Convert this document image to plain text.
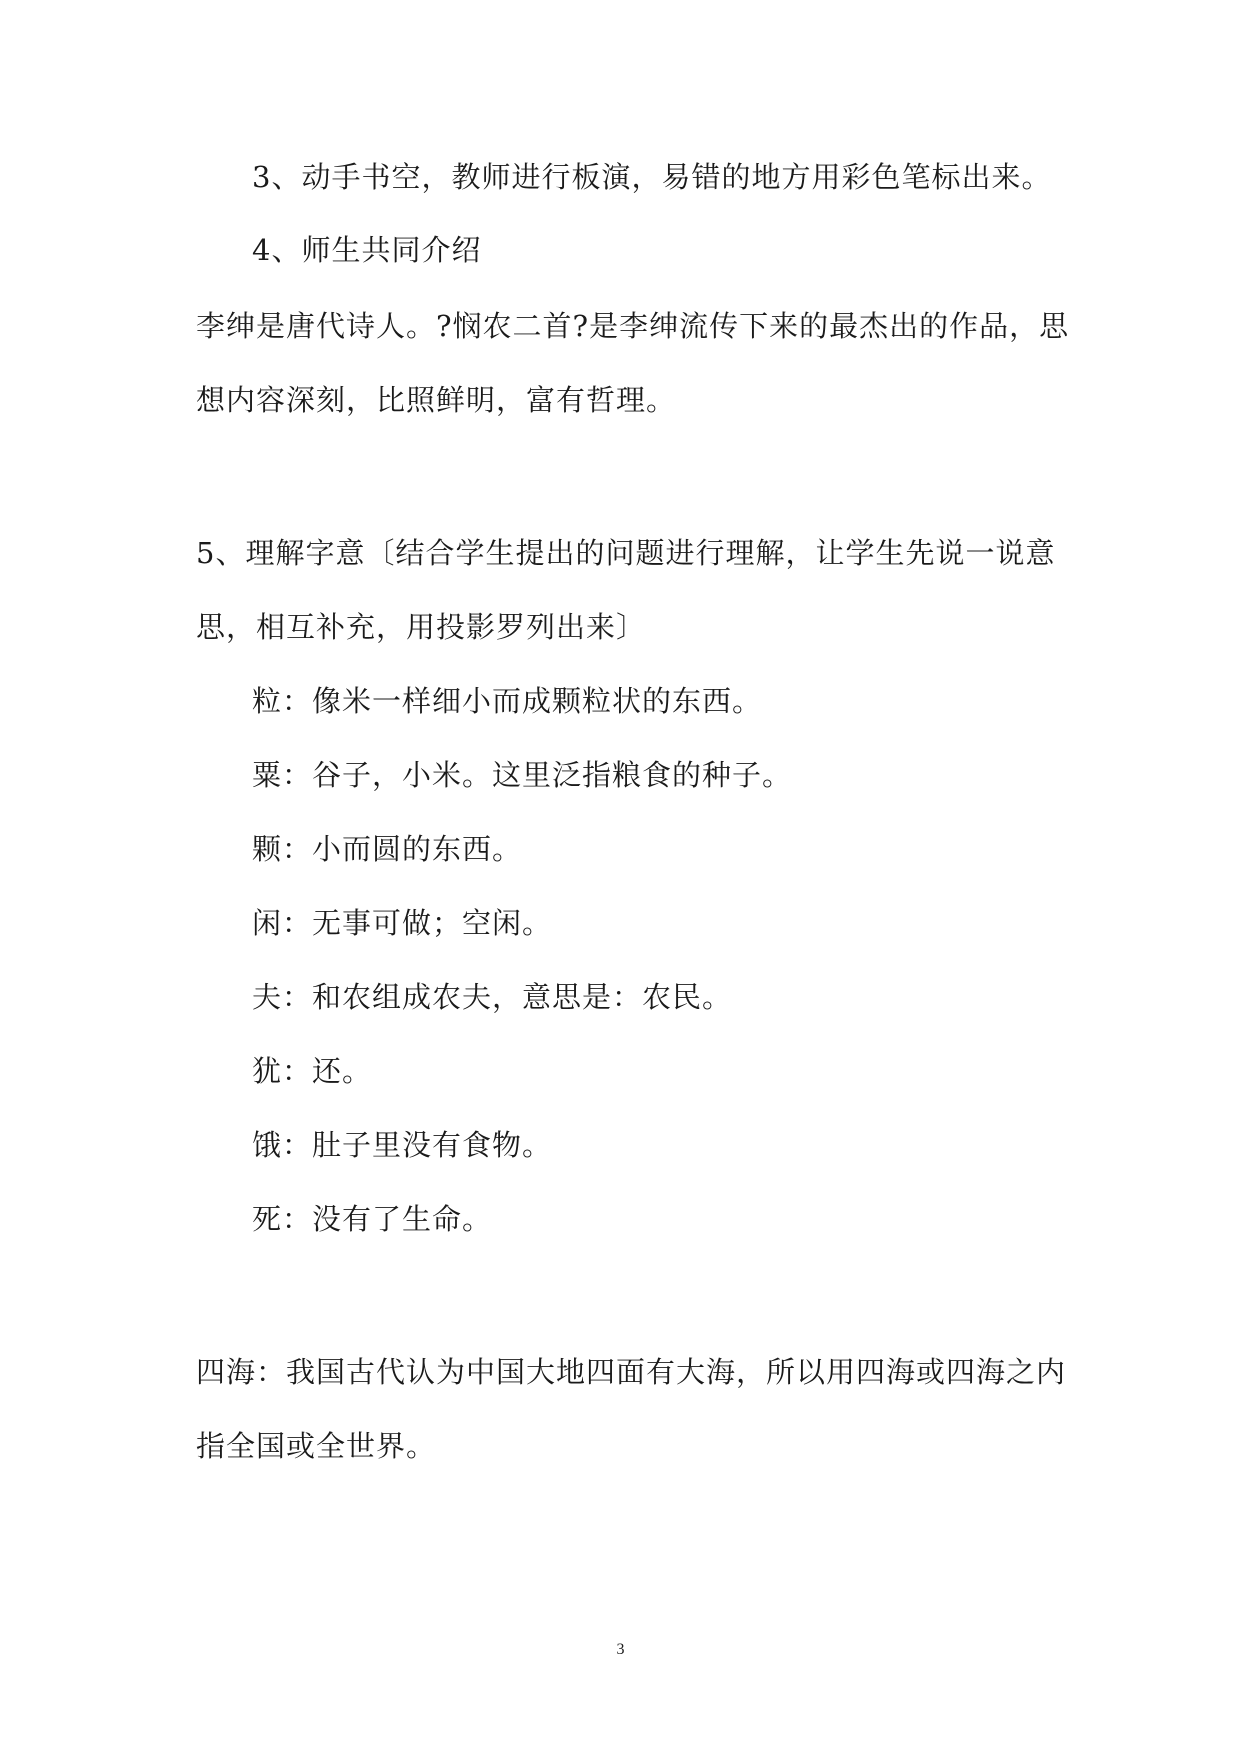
3、动手书空，教师进行板演，易错的地方用彩色笔标出来。
4、师生共同介绍
李绅是唐代诗人。?悯农二首?是李绅流传下来的最杰出的作品，思
想内容深刻，比照鲜明，富有哲理。
5、理解字意〔结合学生提出的问题进行理解，让学生先说一说意
思，相互补充，用投影罗列出来〕
粒：像米一样细小而成颗粒状的东西。
粟：谷子，小米。这里泛指粮食的种子。
颗：小而圆的东西。
闲：无事可做；空闲。
夫：和农组成农夫，意思是：农民。
犹：还。
饿：肚子里没有食物。
死：没有了生命。
四海：我国古代认为中国大地四面有大海，所以用四海或四海之内
指全国或全世界。
3
